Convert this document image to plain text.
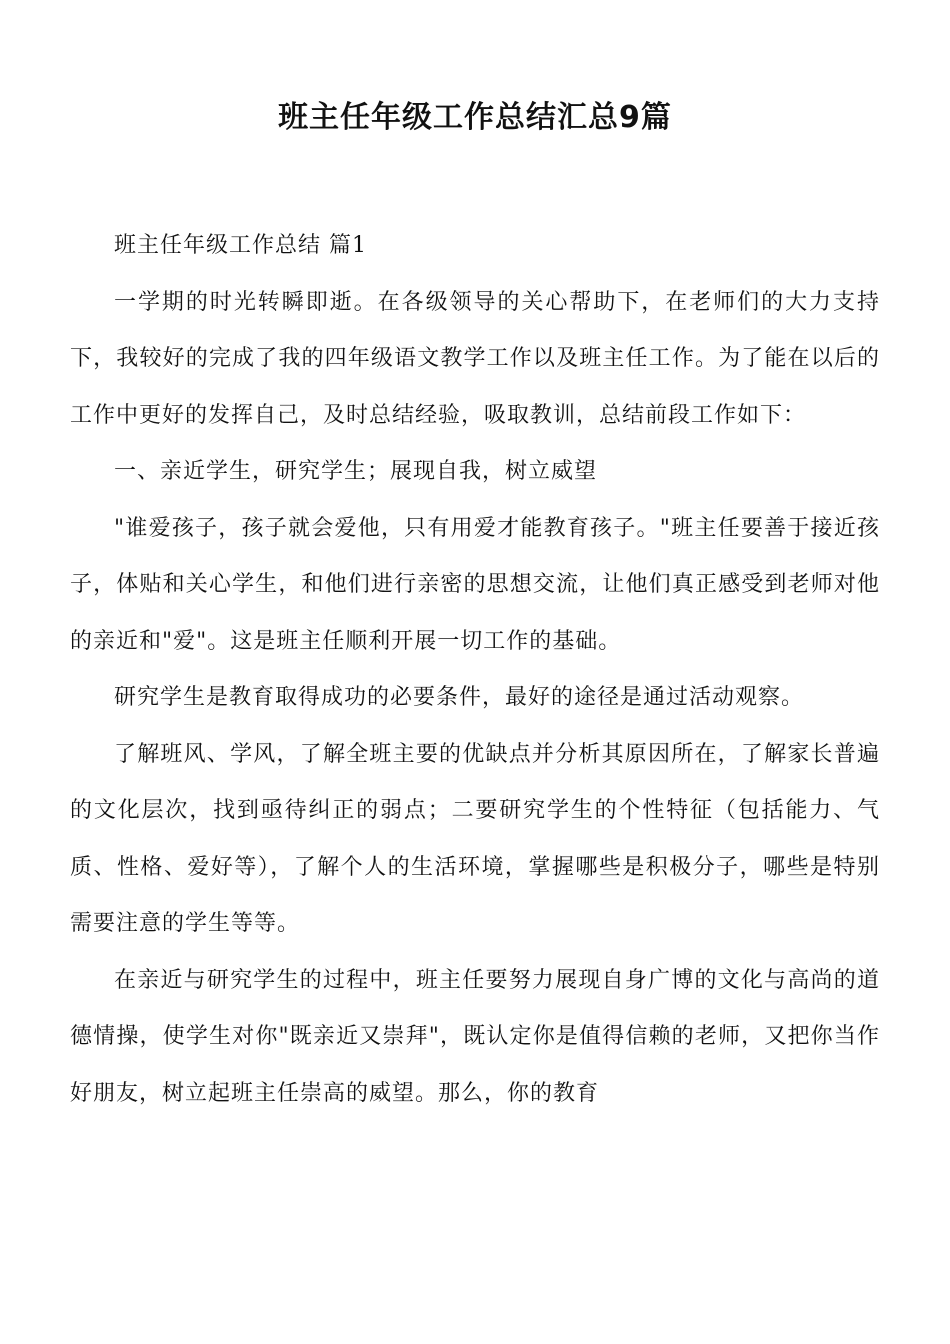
班主任年级工作总结汇总9篇

班主任年级工作总结 篇1

一学期的时光转瞬即逝。在各级领导的关心帮助下，在老师们的大力支持下，我较好的完成了我的四年级语文教学工作以及班主任工作。为了能在以后的工作中更好的发挥自己，及时总结经验，吸取教训，总结前段工作如下：

一、亲近学生，研究学生；展现自我，树立威望

"谁爱孩子，孩子就会爱他，只有用爱才能教育孩子。"班主任要善于接近孩子，体贴和关心学生，和他们进行亲密的思想交流，让他们真正感受到老师对他的亲近和"爱"。这是班主任顺利开展一切工作的基础。

研究学生是教育取得成功的必要条件，最好的途径是通过活动观察。

了解班风、学风，了解全班主要的优缺点并分析其原因所在，了解家长普遍的文化层次，找到亟待纠正的弱点；二要研究学生的个性特征（包括能力、气质、性格、爱好等），了解个人的生活环境，掌握哪些是积极分子，哪些是特别需要注意的学生等等。

在亲近与研究学生的过程中，班主任要努力展现自身广博的文化与高尚的道德情操，使学生对你"既亲近又崇拜"，既认定你是值得信赖的老师，又把你当作好朋友，树立起班主任崇高的威望。那么，你的教育
